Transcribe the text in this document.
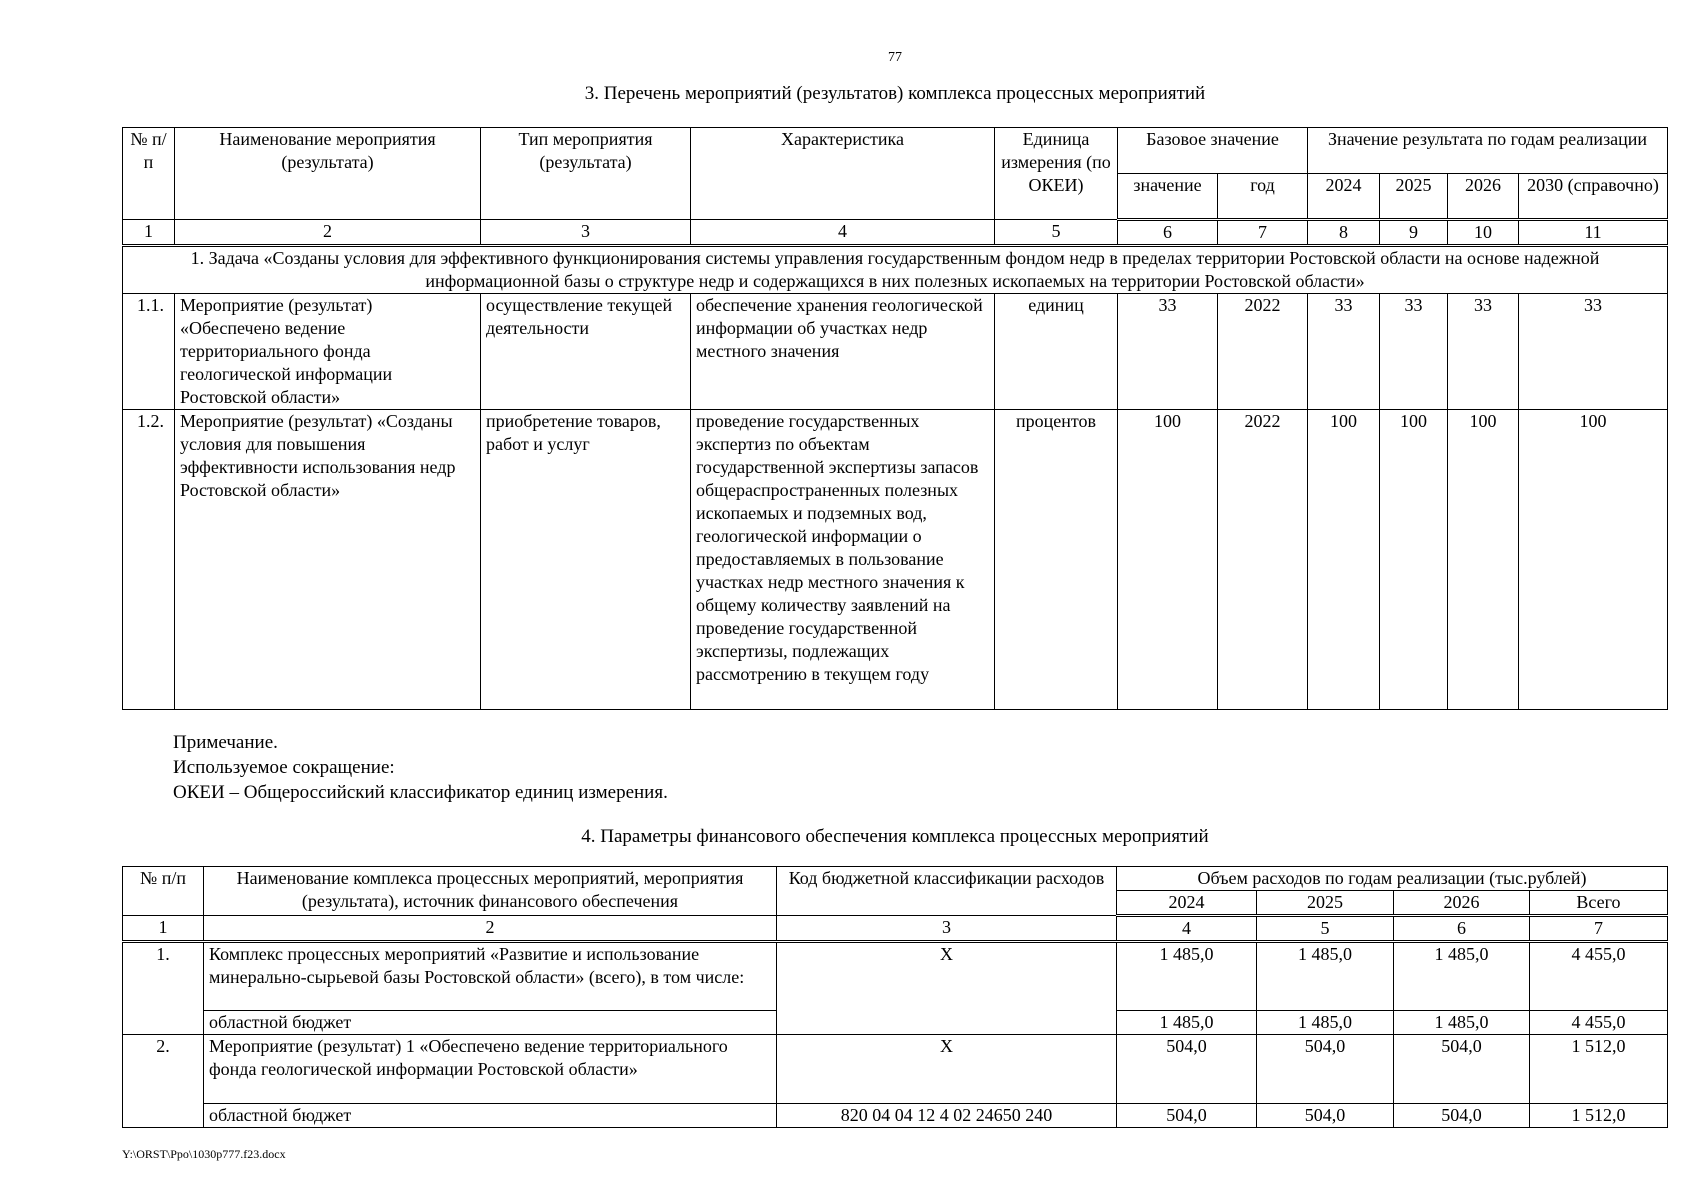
77
3. Перечень мероприятий (результатов) комплекса процессных мероприятий
№ п/п	Наименование мероприятия (результата)	Тип мероприятия (результата)	Характеристика	Единица измерения (по ОКЕИ)	Базовое значение		Значение результата по годам реализации			
					значение	год	2024	2025	2026	2030 (справочно)
1	2	3	4	5	6	7	8	9	10	11
1. Задача «Созданы условия для эффективного функционирования системы управления государственным фондом недр в пределах территории Ростовской области на основе надежной информационной базы о структуре недр и содержащихся в них полезных ископаемых на территории Ростовской области»										
1.1.	Мероприятие (результат) «Обеспечено ведение территориального фонда геологической информации Ростовской области»	осуществление текущей деятельности	обеспечение хранения геологической информации об участках недр местного значения	единиц	33	2022	33	33	33	33
1.2.	Мероприятие (результат) «Созданы условия для повышения эффективности использования недр Ростовской области»	приобретение товаров, работ и услуг	проведение государственных экспертиз по объектам государственной экспертизы запасов общераспространенных полезных ископаемых и подземных вод, геологической информации о предоставляемых в пользование участках недр местного значения к общему количеству заявлений на проведение государственной экспертизы, подлежащих рассмотрению в текущем году	процентов	100	2022	100	100	100	100
Примечание.
Используемое сокращение:
ОКЕИ – Общероссийский классификатор единиц измерения.
4. Параметры финансового обеспечения комплекса процессных мероприятий
№ п/п	Наименование комплекса процессных мероприятий, мероприятия (результата), источник финансового обеспечения	Код бюджетной классификации расходов	Объем расходов по годам реализации (тыс.рублей)			
			2024	2025	2026	Всего
1	2	3	4	5	6	7
1.	Комплекс процессных мероприятий «Развитие и использование минерально-сырьевой базы Ростовской области» (всего), в том числе:	Х	1 485,0	1 485,0	1 485,0	4 455,0
	областной бюджет		1 485,0	1 485,0	1 485,0	4 455,0
2.	Мероприятие (результат) 1 «Обеспечено ведение территориального фонда геологической информации Ростовской области»	Х	504,0	504,0	504,0	1 512,0
	областной бюджет	820 04 04 12 4 02 24650 240	504,0	504,0	504,0	1 512,0
Y:\ORST\Ppo\1030p777.f23.docx
